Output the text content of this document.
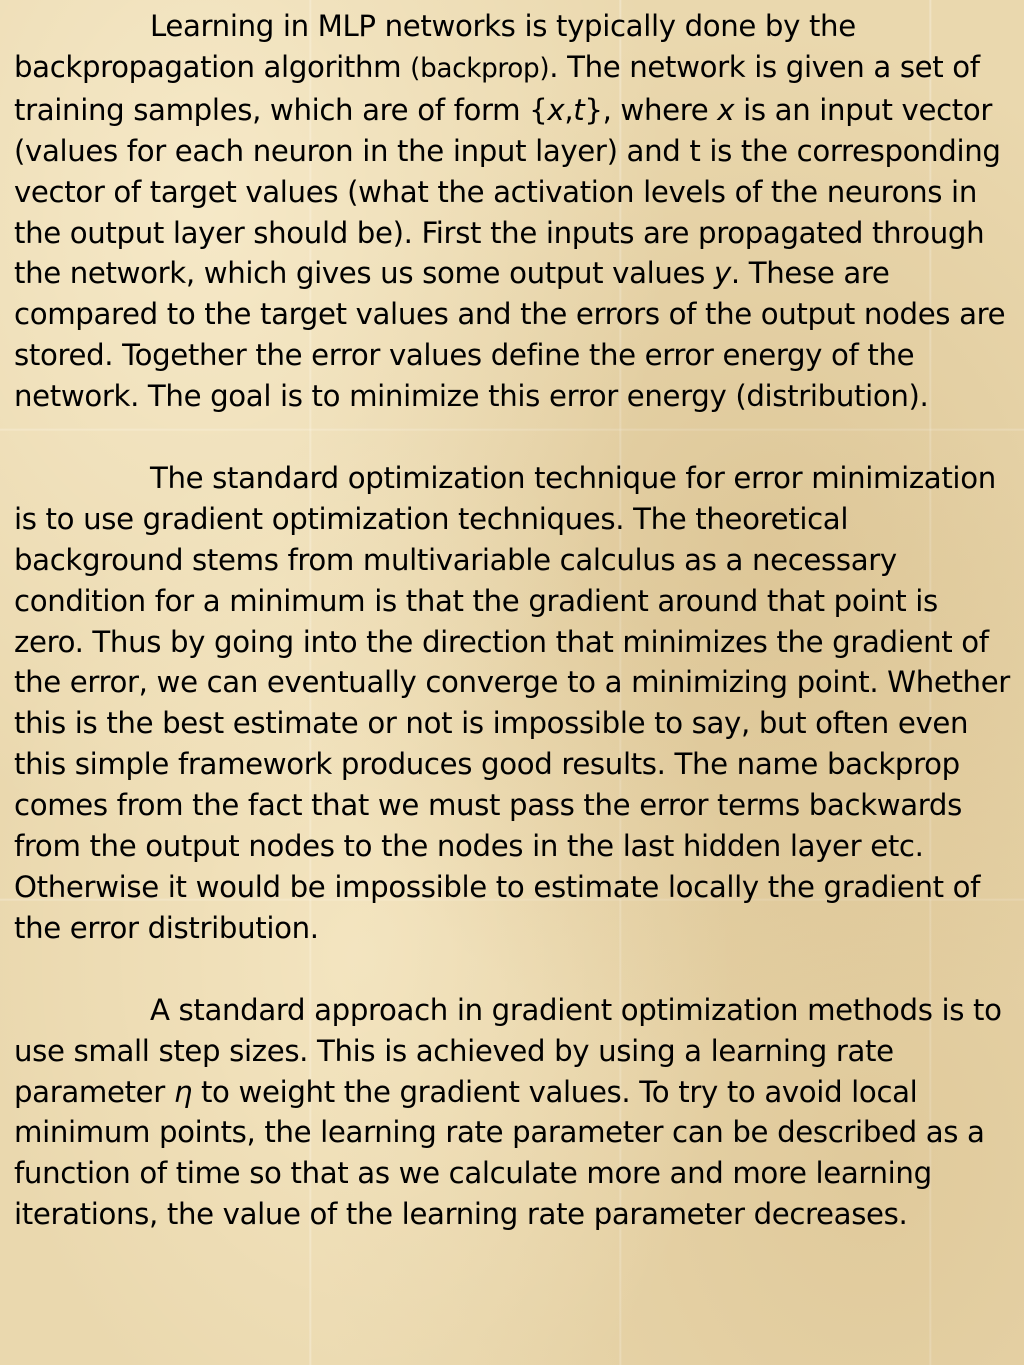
Learning in MLP networks is typically done by the backpropagation algorithm (backprop). The network is given a set of training samples, which are of form {x,t}, where x is an input vector (values for each neuron in the input layer) and t is the corresponding vector of target values (what the activation levels of the neurons in the output layer should be). First the inputs are propagated through the network, which gives us some output values y. These are compared to the target values and the errors of the output nodes are stored. Together the error values define the error energy of the network. The goal is to minimize this error energy (distribution).

The standard optimization technique for error minimization is to use gradient optimization techniques. The theoretical background stems from multivariable calculus as a necessary condition for a minimum is that the gradient around that point is zero. Thus by going into the direction that minimizes the gradient of the error, we can eventually converge to a minimizing point. Whether this is the best estimate or not is impossible to say, but often even this simple framework produces good results. The name backprop comes from the fact that we must pass the error terms backwards from the output nodes to the nodes in the last hidden layer etc. Otherwise it would be impossible to estimate locally the gradient of the error distribution.

A standard approach in gradient optimization methods is to use small step sizes. This is achieved by using a learning rate parameter η to weight the gradient values. To try to avoid local minimum points, the learning rate parameter can be described as a function of time so that as we calculate more and more learning iterations, the value of the learning rate parameter decreases.
